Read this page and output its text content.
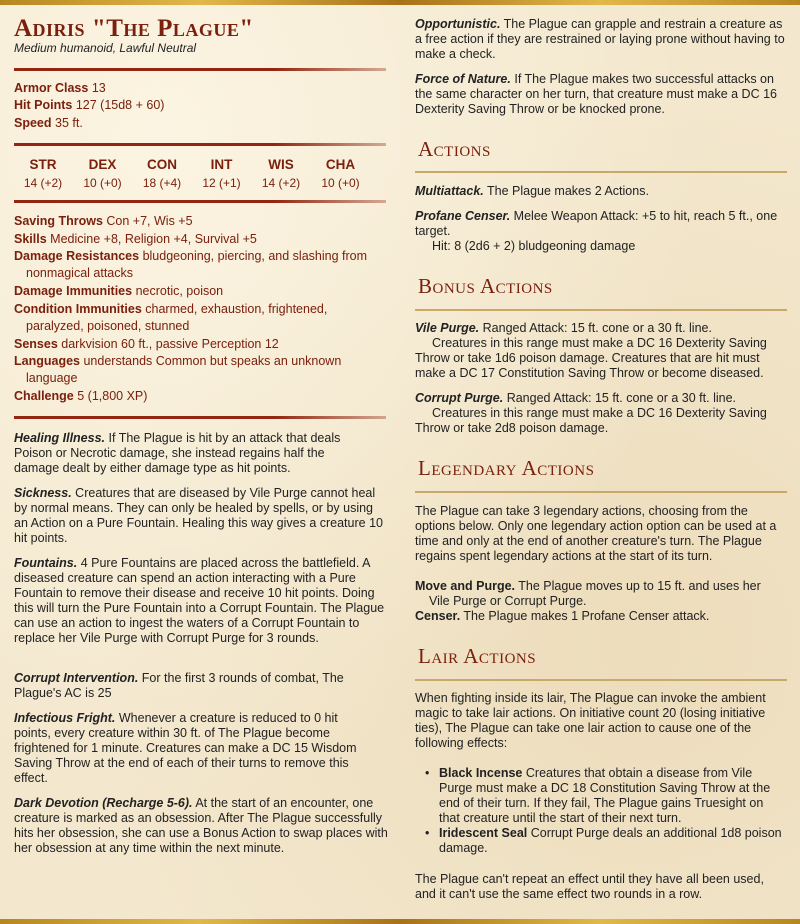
Adiris "The Plague"
Medium humanoid, Lawful Neutral
Armor Class 13
Hit Points 127 (15d8 + 60)
Speed 35 ft.
STR
14 (+2)
DEX
10 (+0)
CON
18 (+4)
INT
12 (+1)
WIS
14 (+2)
CHA
10 (+0)
Saving Throws Con +7, Wis +5
Skills Medicine +8, Religion +4, Survival +5
Damage Resistances bludgeoning, piercing, and slashing from
nonmagical attacks
Damage Immunities necrotic, poison
Condition Immunities charmed, exhaustion, frightened,
paralyzed, poisoned, stunned
Senses darkvision 60 ft., passive Perception 12
Languages understands Common but speaks an unknown
language
Challenge 5 (1,800 XP)
Healing Illness. If The Plague is hit by an attack that deals Poison or Necrotic damage, she instead regains half the damage dealt by either damage type as hit points.
Sickness. Creatures that are diseased by Vile Purge cannot heal by normal means. They can only be healed by spells, or by using an Action on a Pure Fountain. Healing this way gives a creature 10 hit points.
Fountains. 4 Pure Fountains are placed across the battlefield. A diseased creature can spend an action interacting with a Pure Fountain to remove their disease and receive 10 hit points. Doing this will turn the Pure Fountain into a Corrupt Fountain. The Plague can use an action to ingest the waters of a Corrupt Fountain to replace her Vile Purge with Corrupt Purge for 3 rounds.
Corrupt Intervention. For the first 3 rounds of combat, The Plague's AC is 25
Infectious Fright. Whenever a creature is reduced to 0 hit points, every creature within 30 ft. of The Plague become frightened for 1 minute. Creatures can make a DC 15 Wisdom Saving Throw at the end of each of their turns to remove this effect.
Dark Devotion (Recharge 5-6). At the start of an encounter, one creature is marked as an obsession. After The Plague successfully hits her obsession, she can use a Bonus Action to swap places with her obsession at any time within the next minute.
Opportunistic. The Plague can grapple and restrain a creature as a free action if they are restrained or laying prone without having to make a check.
Force of Nature. If The Plague makes two successful attacks on the same character on her turn, that creature must make a DC 16 Dexterity Saving Throw or be knocked prone.
Actions
Multiattack. The Plague makes 2 Actions.
Profane Censer. Melee Weapon Attack: +5 to hit, reach 5 ft., one target.
Hit: 8 (2d6 + 2) bludgeoning damage
Bonus Actions
Vile Purge. Ranged Attack: 15 ft. cone or a 30 ft. line.
Creatures in this range must make a DC 16 Dexterity Saving Throw or take 1d6 poison damage. Creatures that are hit must make a DC 17 Constitution Saving Throw or become diseased.
Corrupt Purge. Ranged Attack: 15 ft. cone or a 30 ft. line.
Creatures in this range must make a DC 16 Dexterity Saving Throw or take 2d8 poison damage.
Legendary Actions
The Plague can take 3 legendary actions, choosing from the options below. Only one legendary action option can be used at a time and only at the end of another creature's turn. The Plague regains spent legendary actions at the start of its turn.
Move and Purge. The Plague moves up to 15 ft. and uses her
Vile Purge or Corrupt Purge.
Censer. The Plague makes 1 Profane Censer attack.
Lair Actions
When fighting inside its lair, The Plague can invoke the ambient magic to take lair actions. On initiative count 20 (losing initiative ties), The Plague can take one lair action to cause one of the following effects:
• Black Incense Creatures that obtain a disease from Vile Purge must make a DC 18 Constitution Saving Throw at the end of their turn. If they fail, The Plague gains Truesight on that creature until the start of their next turn.
• Iridescent Seal Corrupt Purge deals an additional 1d8 poison damage.
The Plague can't repeat an effect until they have all been used, and it can't use the same effect two rounds in a row.
